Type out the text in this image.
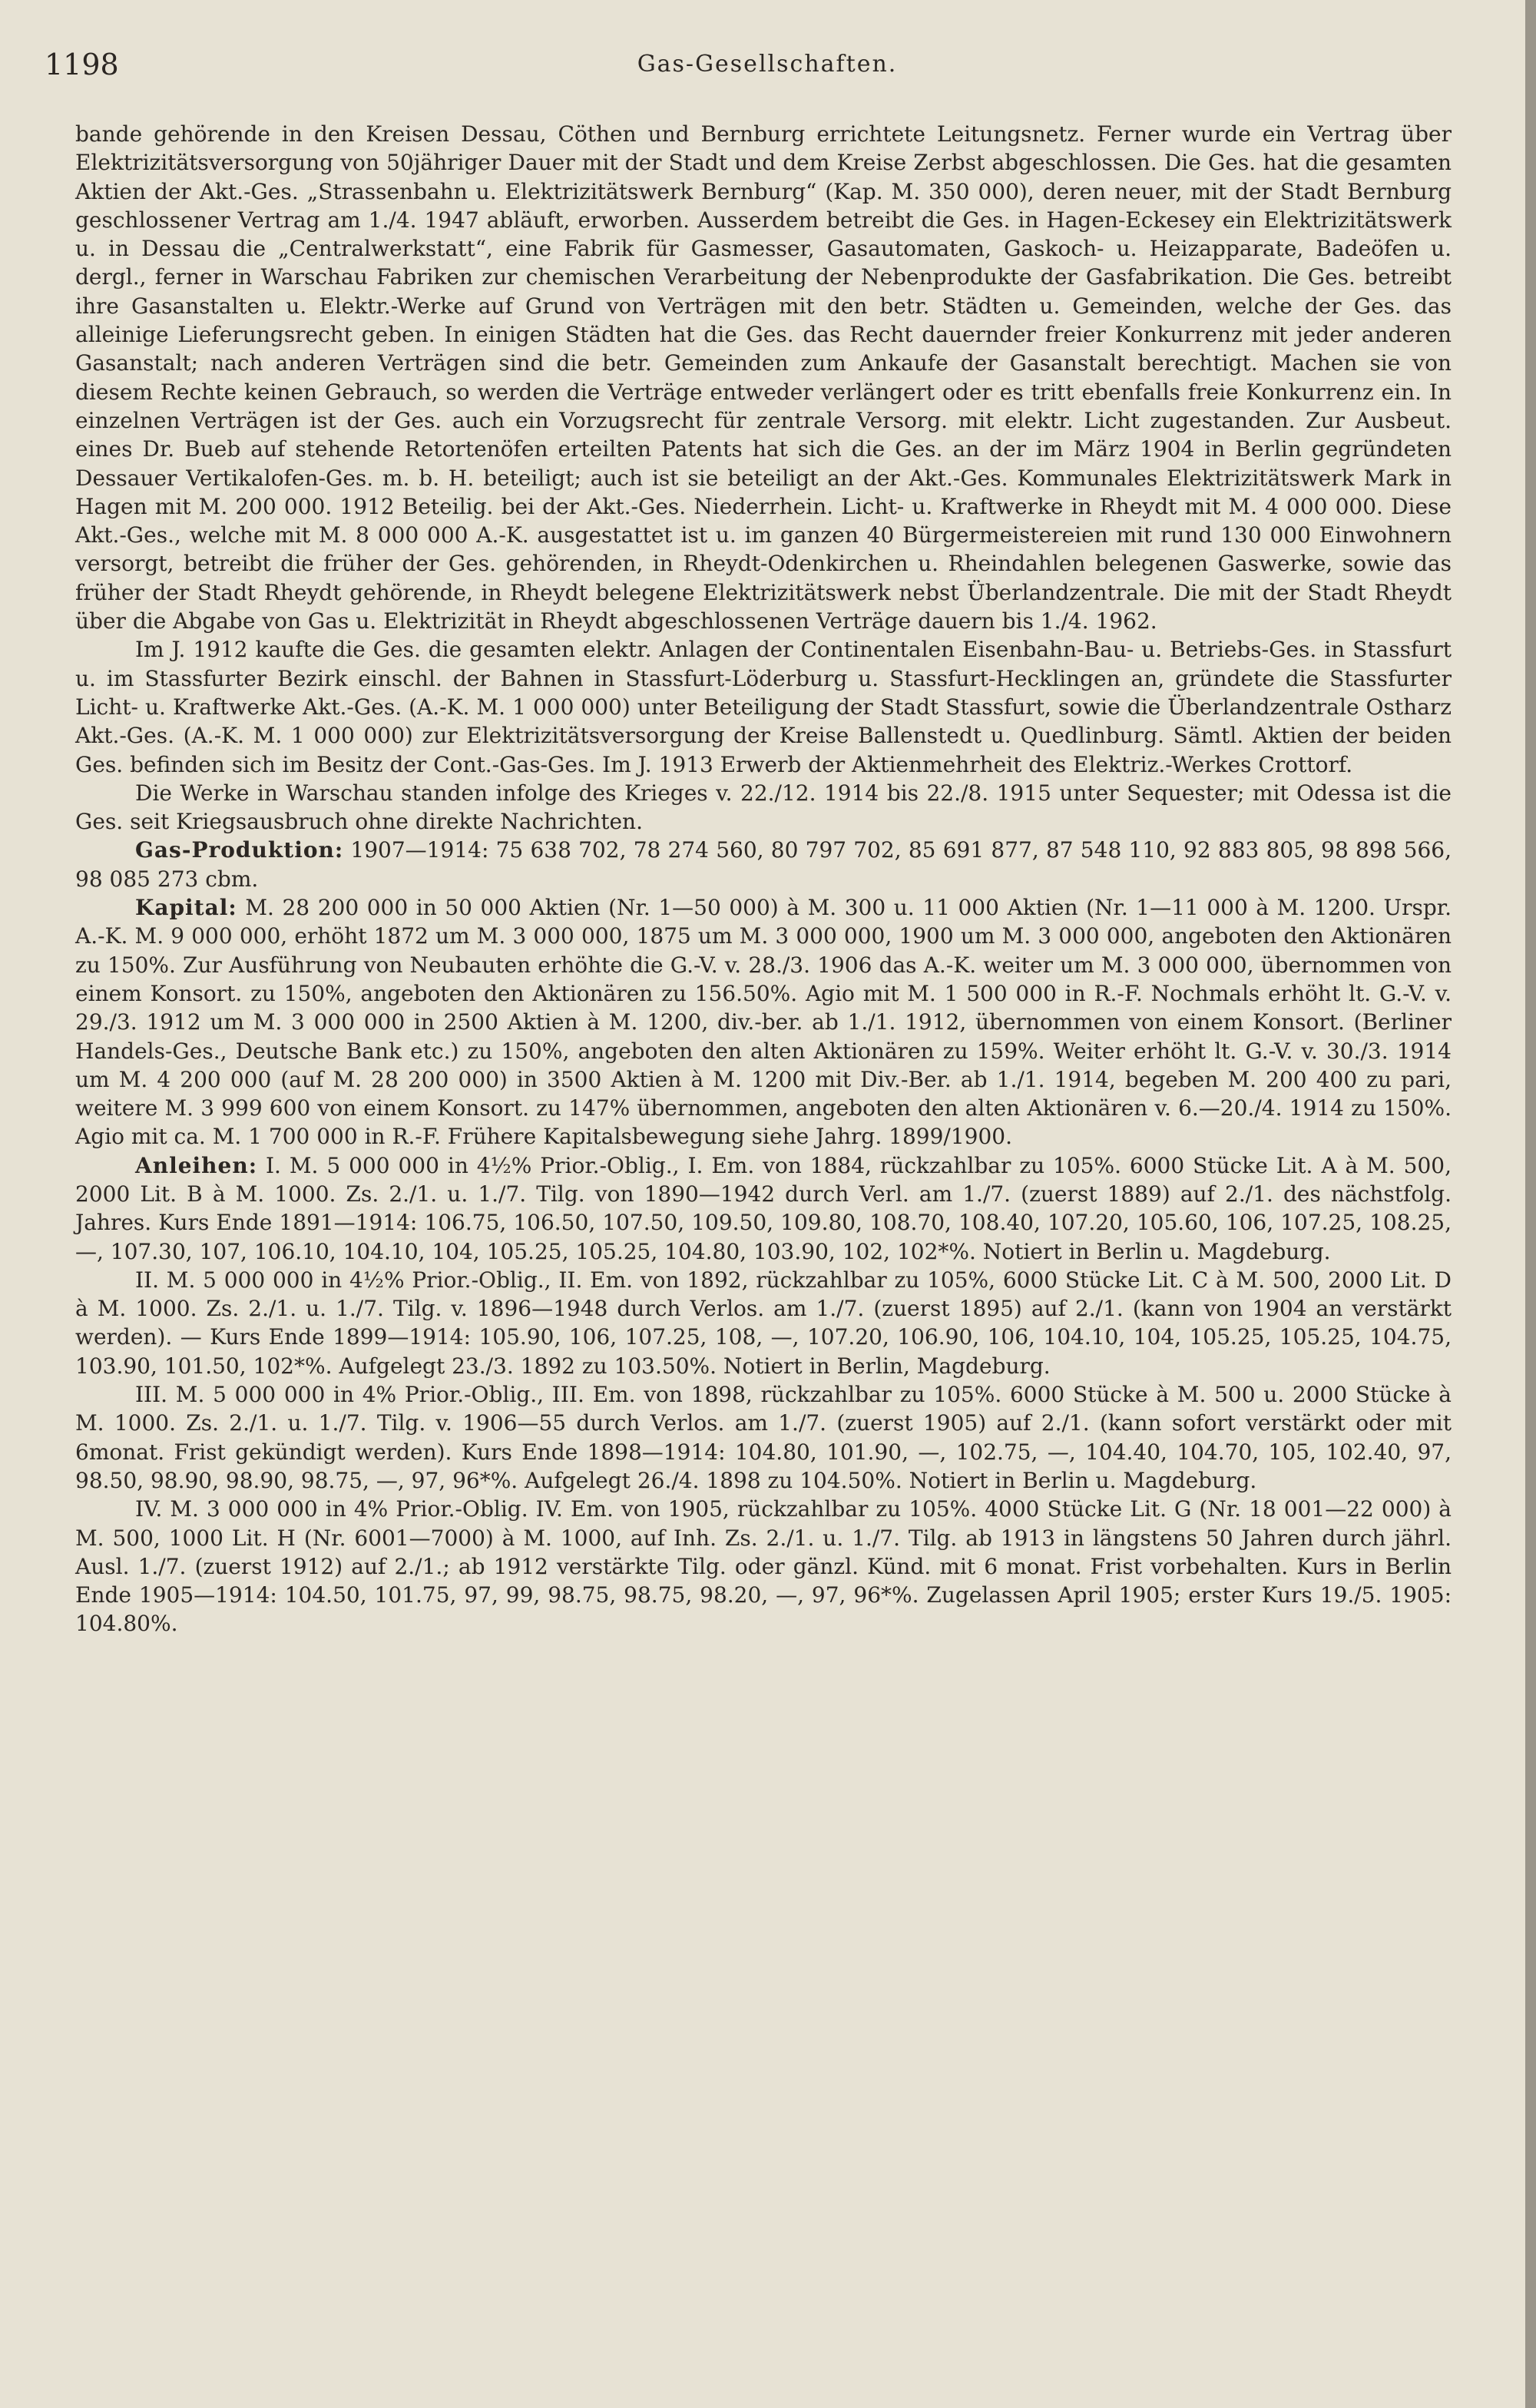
1198	Gas-Gesellschaften.

bande gehörende in den Kreisen Dessau, Cöthen und Bernburg errichtete Leitungsnetz. Ferner wurde ein Vertrag über Elektrizitätsversorgung von 50jähriger Dauer mit der Stadt und dem Kreise Zerbst abgeschlossen. Die Ges. hat die gesamten Aktien der Akt.-Ges. „Strassenbahn u. Elektrizitätswerk Bernburg“ (Kap. M. 350 000), deren neuer, mit der Stadt Bernburg geschlossener Vertrag am 1./4. 1947 abläuft, erworben. Ausserdem betreibt die Ges. in Hagen-Eckesey ein Elektrizitätswerk u. in Dessau die „Centralwerkstatt“, eine Fabrik für Gasmesser, Gasautomaten, Gaskoch- u. Heizapparate, Badeöfen u. dergl., ferner in Warschau Fabriken zur chemischen Verarbeitung der Nebenprodukte der Gasfabrikation. Die Ges. betreibt ihre Gasanstalten u. Elektr.-Werke auf Grund von Verträgen mit den betr. Städten u. Gemeinden, welche der Ges. das alleinige Lieferungsrecht geben. In einigen Städten hat die Ges. das Recht dauernder freier Konkurrenz mit jeder anderen Gasanstalt; nach anderen Verträgen sind die betr. Gemeinden zum Ankaufe der Gasanstalt berechtigt. Machen sie von diesem Rechte keinen Gebrauch, so werden die Verträge entweder verlängert oder es tritt ebenfalls freie Konkurrenz ein. In einzelnen Verträgen ist der Ges. auch ein Vorzugsrecht für zentrale Versorg. mit elektr. Licht zugestanden. Zur Ausbeut. eines Dr. Bueb auf stehende Retortenöfen erteilten Patents hat sich die Ges. an der im März 1904 in Berlin gegründeten Dessauer Vertikalofen-Ges. m. b. H. beteiligt; auch ist sie beteiligt an der Akt.-Ges. Kommunales Elektrizitätswerk Mark in Hagen mit M. 200 000. 1912 Beteilig. bei der Akt.-Ges. Niederrhein. Licht- u. Kraftwerke in Rheydt mit M. 4 000 000. Diese Akt.-Ges., welche mit M. 8 000 000 A.-K. ausgestattet ist u. im ganzen 40 Bürgermeistereien mit rund 130 000 Einwohnern versorgt, betreibt die früher der Ges. gehörenden, in Rheydt-Odenkirchen u. Rheindahlen belegenen Gaswerke, sowie das früher der Stadt Rheydt gehörende, in Rheydt belegene Elektrizitätswerk nebst Überlandzentrale. Die mit der Stadt Rheydt über die Abgabe von Gas u. Elektrizität in Rheydt abgeschlossenen Verträge dauern bis 1./4. 1962.

Im J. 1912 kaufte die Ges. die gesamten elektr. Anlagen der Continentalen Eisenbahn-Bau- u. Betriebs-Ges. in Stassfurt u. im Stassfurter Bezirk einschl. der Bahnen in Stassfurt-Löderburg u. Stassfurt-Hecklingen an, gründete die Stassfurter Licht- u. Kraftwerke Akt.-Ges. (A.-K. M. 1 000 000) unter Beteiligung der Stadt Stassfurt, sowie die Überlandzentrale Ostharz Akt.-Ges. (A.-K. M. 1 000 000) zur Elektrizitätsversorgung der Kreise Ballenstedt u. Quedlinburg. Sämtl. Aktien der beiden Ges. befinden sich im Besitz der Cont.-Gas-Ges. Im J. 1913 Erwerb der Aktienmehrheit des Elektriz.-Werkes Crottorf.

Die Werke in Warschau standen infolge des Krieges v. 22./12. 1914 bis 22./8. 1915 unter Sequester; mit Odessa ist die Ges. seit Kriegsausbruch ohne direkte Nachrichten.

Gas-Produktion: 1907—1914: 75 638 702, 78 274 560, 80 797 702, 85 691 877, 87 548 110, 92 883 805, 98 898 566, 98 085 273 cbm.

Kapital: M. 28 200 000 in 50 000 Aktien (Nr. 1—50 000) à M. 300 u. 11 000 Aktien (Nr. 1—11 000 à M. 1200. Urspr. A.-K. M. 9 000 000, erhöht 1872 um M. 3 000 000, 1875 um M. 3 000 000, 1900 um M. 3 000 000, angeboten den Aktionären zu 150%. Zur Ausführung von Neubauten erhöhte die G.-V. v. 28./3. 1906 das A.-K. weiter um M. 3 000 000, übernommen von einem Konsort. zu 150%, angeboten den Aktionären zu 156.50%. Agio mit M. 1 500 000 in R.-F. Nochmals erhöht lt. G.-V. v. 29./3. 1912 um M. 3 000 000 in 2500 Aktien à M. 1200, div.-ber. ab 1./1. 1912, übernommen von einem Konsort. (Berliner Handels-Ges., Deutsche Bank etc.) zu 150%, angeboten den alten Aktionären zu 159%. Weiter erhöht lt. G.-V. v. 30./3. 1914 um M. 4 200 000 (auf M. 28 200 000) in 3500 Aktien à M. 1200 mit Div.-Ber. ab 1./1. 1914, begeben M. 200 400 zu pari, weitere M. 3 999 600 von einem Konsort. zu 147% übernommen, angeboten den alten Aktionären v. 6.—20./4. 1914 zu 150%. Agio mit ca. M. 1 700 000 in R.-F. Frühere Kapitalsbewegung siehe Jahrg. 1899/1900.

Anleihen: I. M. 5 000 000 in 4½% Prior.-Oblig., I. Em. von 1884, rückzahlbar zu 105%. 6000 Stücke Lit. A à M. 500, 2000 Lit. B à M. 1000. Zs. 2./1. u. 1./7. Tilg. von 1890—1942 durch Verl. am 1./7. (zuerst 1889) auf 2./1. des nächstfolg. Jahres. Kurs Ende 1891—1914: 106.75, 106.50, 107.50, 109.50, 109.80, 108.70, 108.40, 107.20, 105.60, 106, 107.25, 108.25, —, 107.30, 107, 106.10, 104.10, 104, 105.25, 105.25, 104.80, 103.90, 102, 102*%. Notiert in Berlin u. Magdeburg.

II. M. 5 000 000 in 4½% Prior.-Oblig., II. Em. von 1892, rückzahlbar zu 105%, 6000 Stücke Lit. C à M. 500, 2000 Lit. D à M. 1000. Zs. 2./1. u. 1./7. Tilg. v. 1896—1948 durch Verlos. am 1./7. (zuerst 1895) auf 2./1. (kann von 1904 an verstärkt werden). — Kurs Ende 1899—1914: 105.90, 106, 107.25, 108, —, 107.20, 106.90, 106, 104.10, 104, 105.25, 105.25, 104.75, 103.90, 101.50, 102*%. Aufgelegt 23./3. 1892 zu 103.50%. Notiert in Berlin, Magdeburg.

III. M. 5 000 000 in 4% Prior.-Oblig., III. Em. von 1898, rückzahlbar zu 105%. 6000 Stücke à M. 500 u. 2000 Stücke à M. 1000. Zs. 2./1. u. 1./7. Tilg. v. 1906—55 durch Verlos. am 1./7. (zuerst 1905) auf 2./1. (kann sofort verstärkt oder mit 6monat. Frist gekündigt werden). Kurs Ende 1898—1914: 104.80, 101.90, —, 102.75, —, 104.40, 104.70, 105, 102.40, 97, 98.50, 98.90, 98.90, 98.75, —, 97, 96*%. Aufgelegt 26./4. 1898 zu 104.50%. Notiert in Berlin u. Magdeburg.

IV. M. 3 000 000 in 4% Prior.-Oblig. IV. Em. von 1905, rückzahlbar zu 105%. 4000 Stücke Lit. G (Nr. 18 001—22 000) à M. 500, 1000 Lit. H (Nr. 6001—7000) à M. 1000, auf Inh. Zs. 2./1. u. 1./7. Tilg. ab 1913 in längstens 50 Jahren durch jährl. Ausl. 1./7. (zuerst 1912) auf 2./1.; ab 1912 verstärkte Tilg. oder gänzl. Künd. mit 6 monat. Frist vorbehalten. Kurs in Berlin Ende 1905—1914: 104.50, 101.75, 97, 99, 98.75, 98.75, 98.20, —, 97, 96*%. Zugelassen April 1905; erster Kurs 19./5. 1905: 104.80%.
